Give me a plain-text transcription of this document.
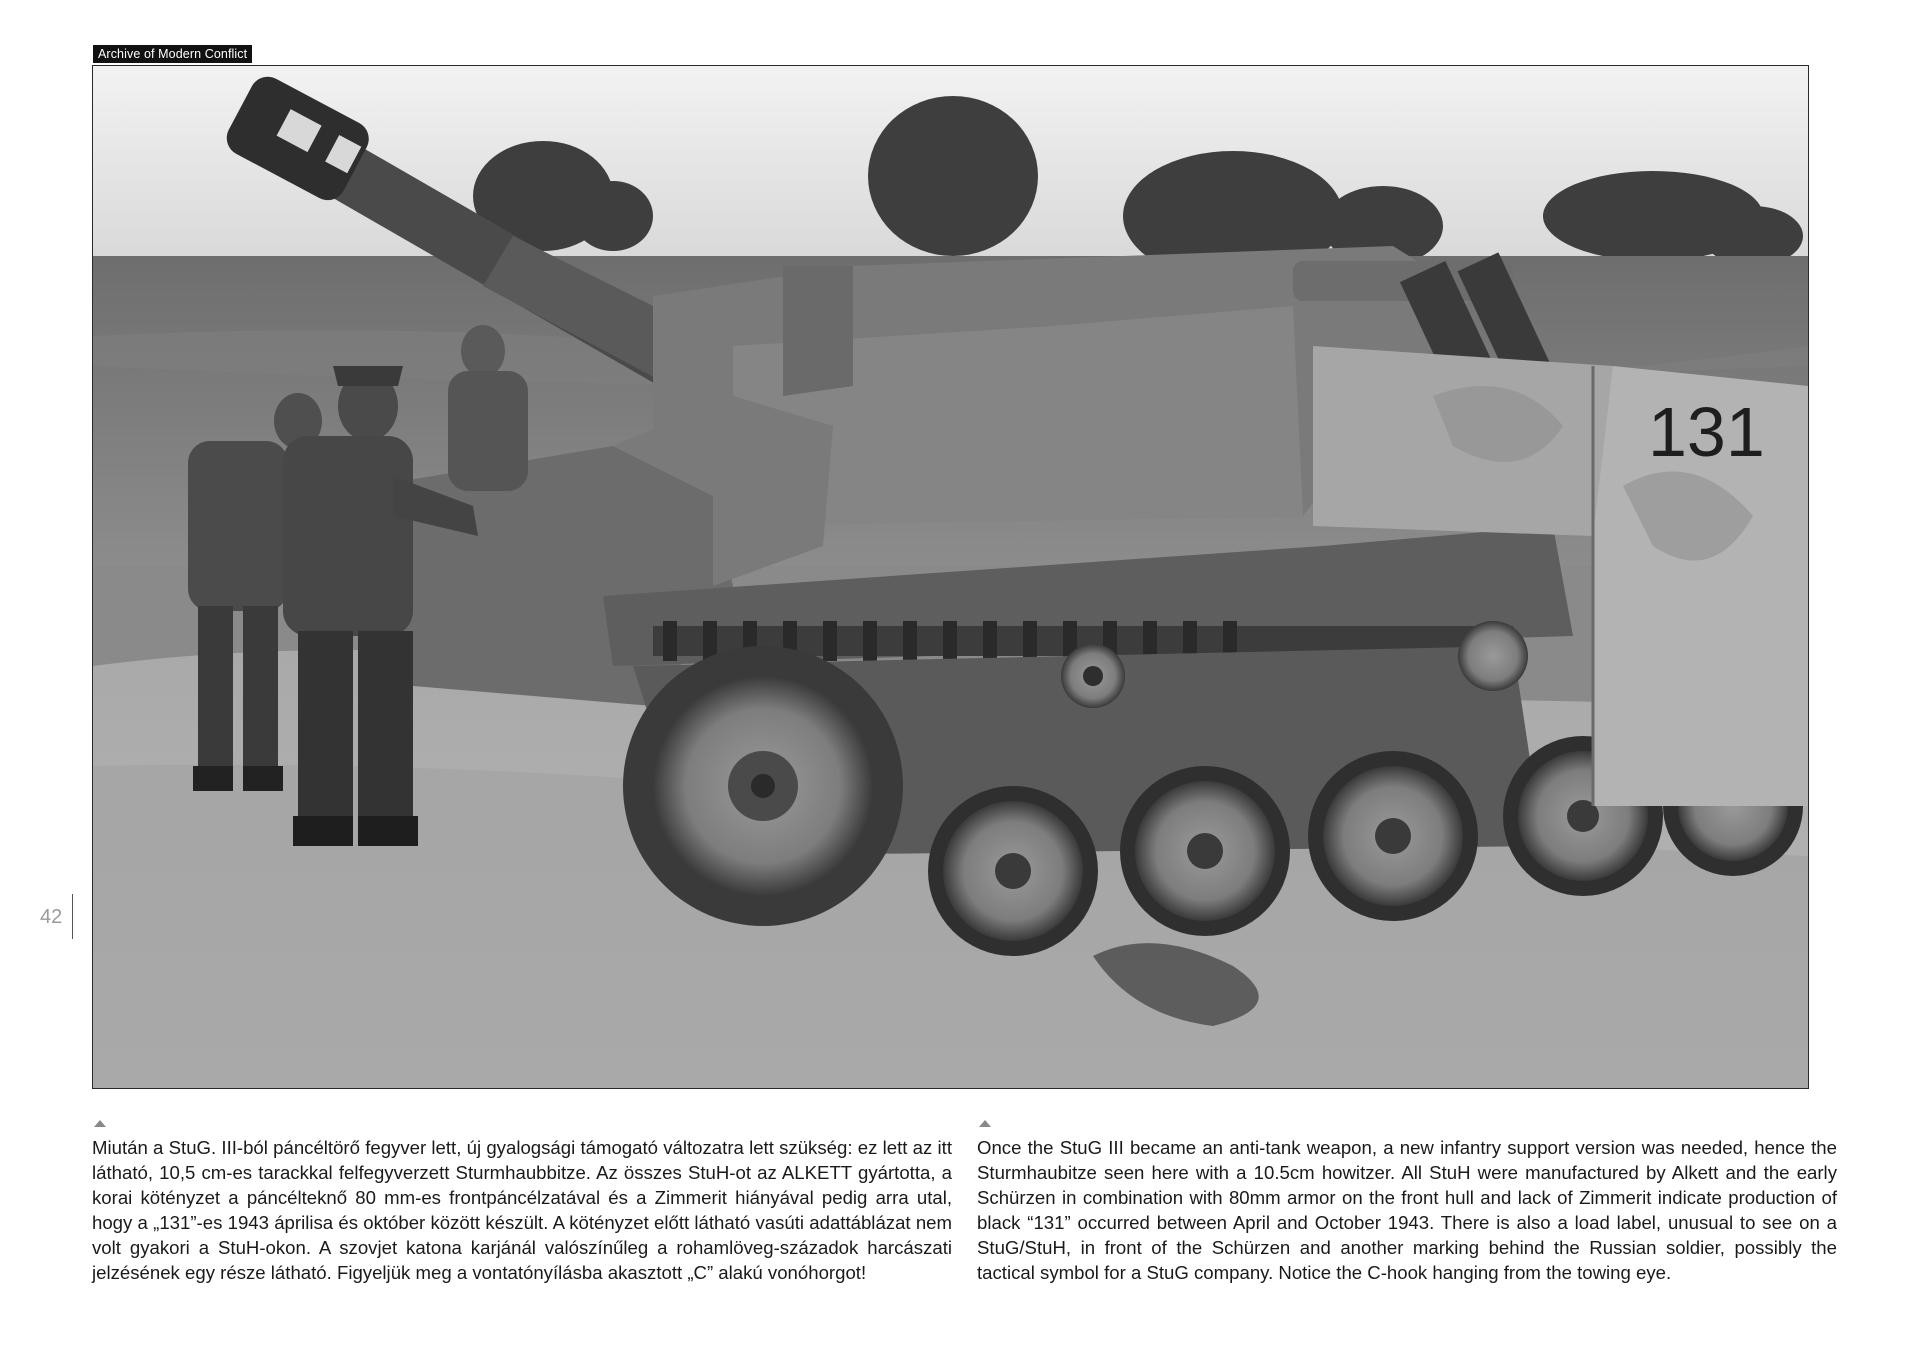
Archive of Modern Conflict
131
42

Miután a StuG. III-ból páncéltörő fegyver lett, új gyalogsági támogató változatra lett szükség: ez lett az itt látható, 10,5 cm-es tarackkal felfegyverzett Sturmhaubbitze. Az összes StuH-ot az ALKETT gyártotta, a korai kötényzet a páncélteknő 80 mm-es frontpáncélzatával és a Zimmerit hiányával pedig arra utal, hogy a „131”-es 1943 áprilisa és október között készült. A kötényzet előtt látható vasúti adattáblázat nem volt gyakori a StuH-okon. A szovjet katona karjánál valószínűleg a rohamlöveg-századok harcászati jelzésének egy része látható. Figyeljük meg a vontatónyílásba akasztott „C” alakú vonóhorgot!

Once the StuG III became an anti-tank weapon, a new infantry support version was needed, hence the Sturmhaubitze seen here with a 10.5cm howitzer. All StuH were manufactured by Alkett and the early Schürzen in combination with 80mm armor on the front hull and lack of Zimmerit indicate production of black “131” occurred between April and October 1943. There is also a load label, unusual to see on a StuG/StuH, in front of the Schürzen and another marking behind the Russian soldier, possibly the tactical symbol for a StuG company. Notice the C-hook hanging from the towing eye.
